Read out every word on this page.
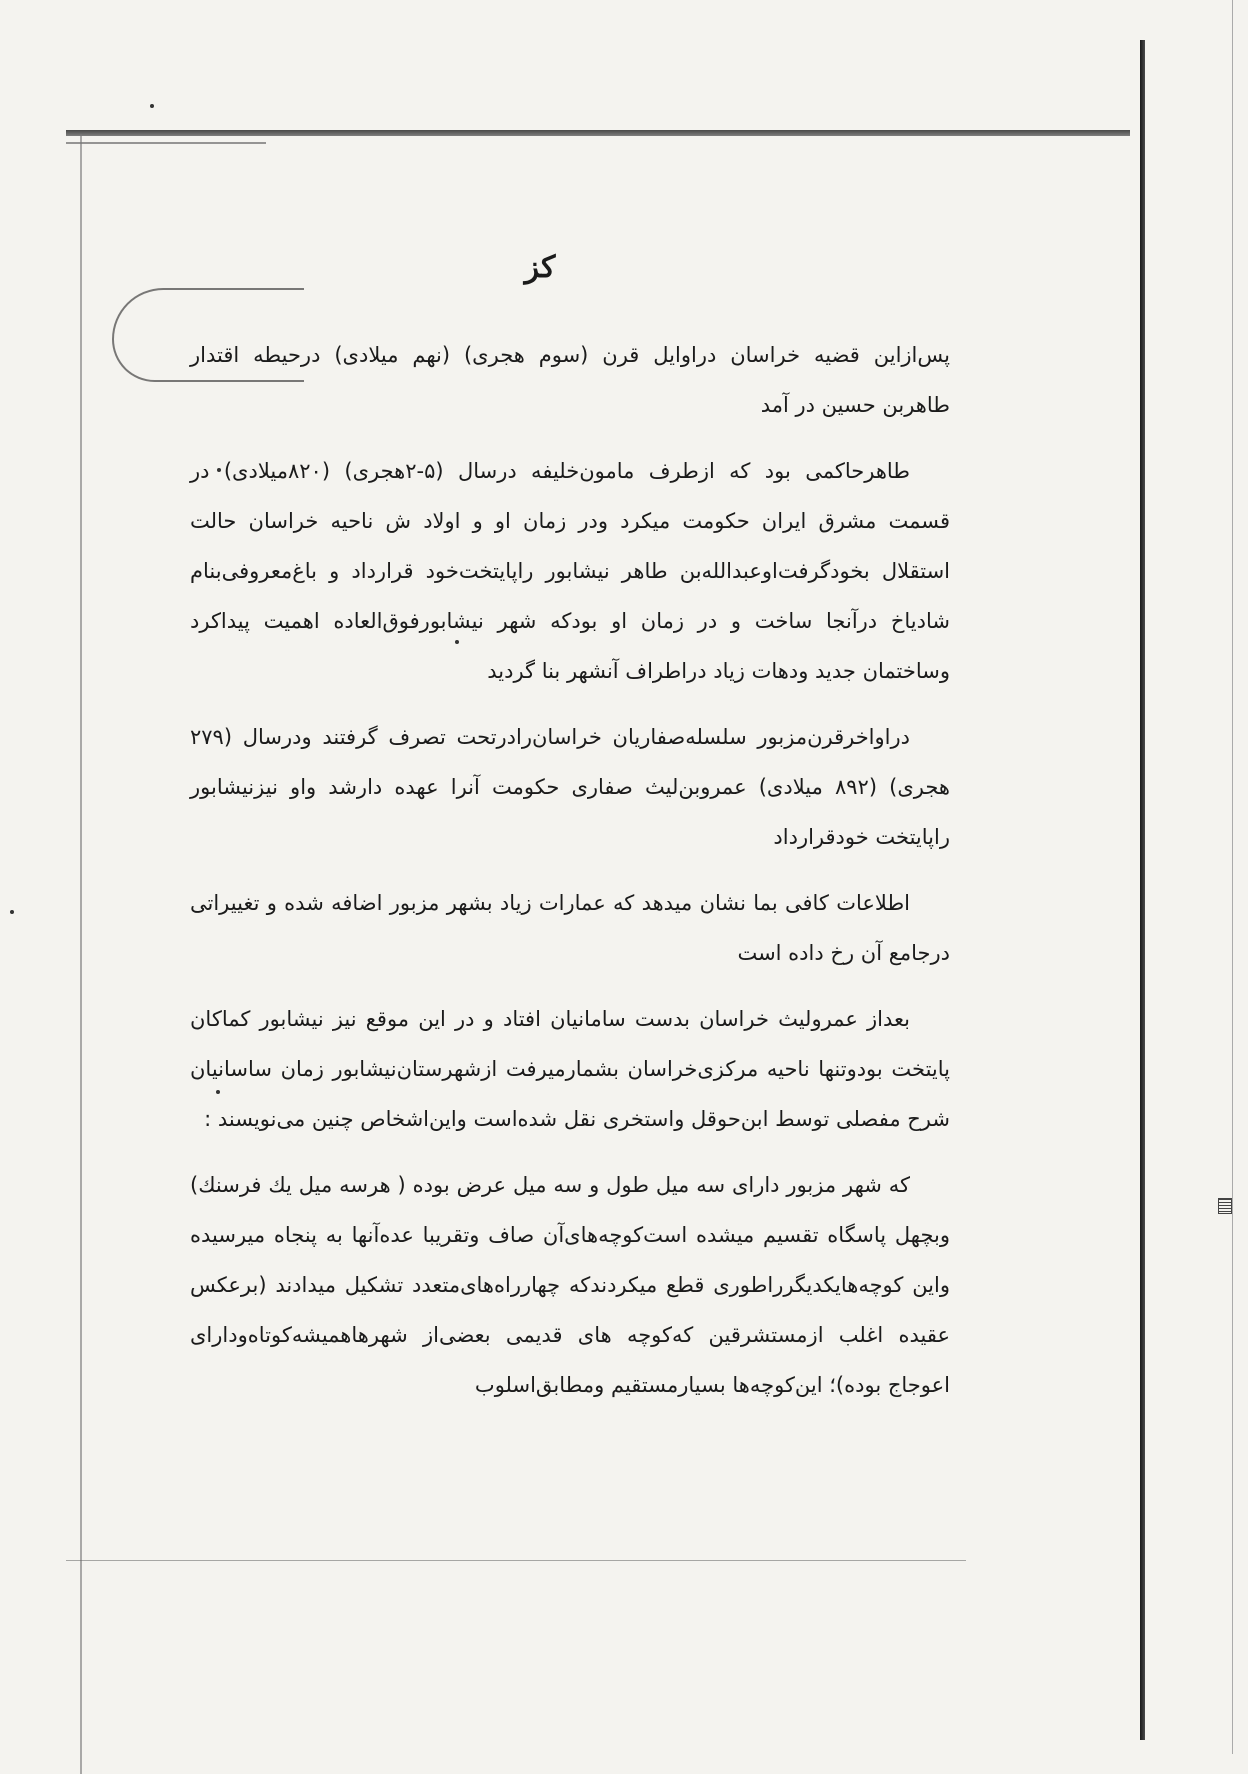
کز

پس‌ازاین قضیه خراسان دراوایل قرن (سوم هجری) (نهم میلادی) درحیطه اقتدار طاهربن حسین در آمد

طاهرحاکمی بود که ازطرف مامون‌خلیفه درسال (۵-۲هجری) (۸۲۰میلادی) در قسمت مشرق ایران حکومت میکرد ودر زمان او و اولاد ش ناحیه خراسان حالت استقلال بخودگرفت‌اوعبدالله‌بن طاهر نیشابور راپایتخت‌خود قرارداد و باغ‌معروفی‌بنام شادیاخ درآنجا ساخت و در زمان او بودکه شهر نیشابورفوق‌العاده اهمیت پیداکرد وساختمان جدید ودهات زیاد دراطراف آنشهر بنا گردید

دراواخرقرن‌مزبور سلسله‌صفاریان خراسان‌رادرتحت تصرف گرفتند ودرسال (۲۷۹ هجری) (۸۹۲ میلادی) عمروبن‌لیث صفاری حکومت آنرا عهده دارشد واو نیزنیشابور راپایتخت خودقرارداد

اطلاعات کافی بما نشان میدهد که عمارات زیاد بشهر مزبور اضافه شده و تغییراتی درجامع آن رخ داده است

بعداز عمرولیث خراسان بدست سامانیان افتاد و در این موقع نیز نیشابور کماکان پایتخت بودوتنها ناحیه مرکزی‌خراسان بشمارمیرفت ازشهرستان‌نیشابور زمان ساسانیان شرح مفصلی توسط ابن‌حوقل واستخری نقل شده‌است واین‌اشخاص چنین می‌نویسند :

که شهر مزبور دارای سه میل طول و سه میل عرض بوده ( هرسه میل یك فرسنك) وبچهل پاسگاه تقسیم میشده است‌کوچه‌های‌آن صاف وتقریبا عده‌آنها به پنجاه میرسیده واین کوچه‌هایکدیگرراطوری قطع میکردندکه چهارراه‌های‌متعدد تشکیل میدادند (برعکس عقیده اغلب ازمستشرقین که‌کوچه های قدیمی بعضی‌از شهرهاهمیشه‌کوتاه‌ودارای اعوجاج بوده)؛ این‌کوچه‌ها بسیارمستقیم ومطابق‌اسلوب
